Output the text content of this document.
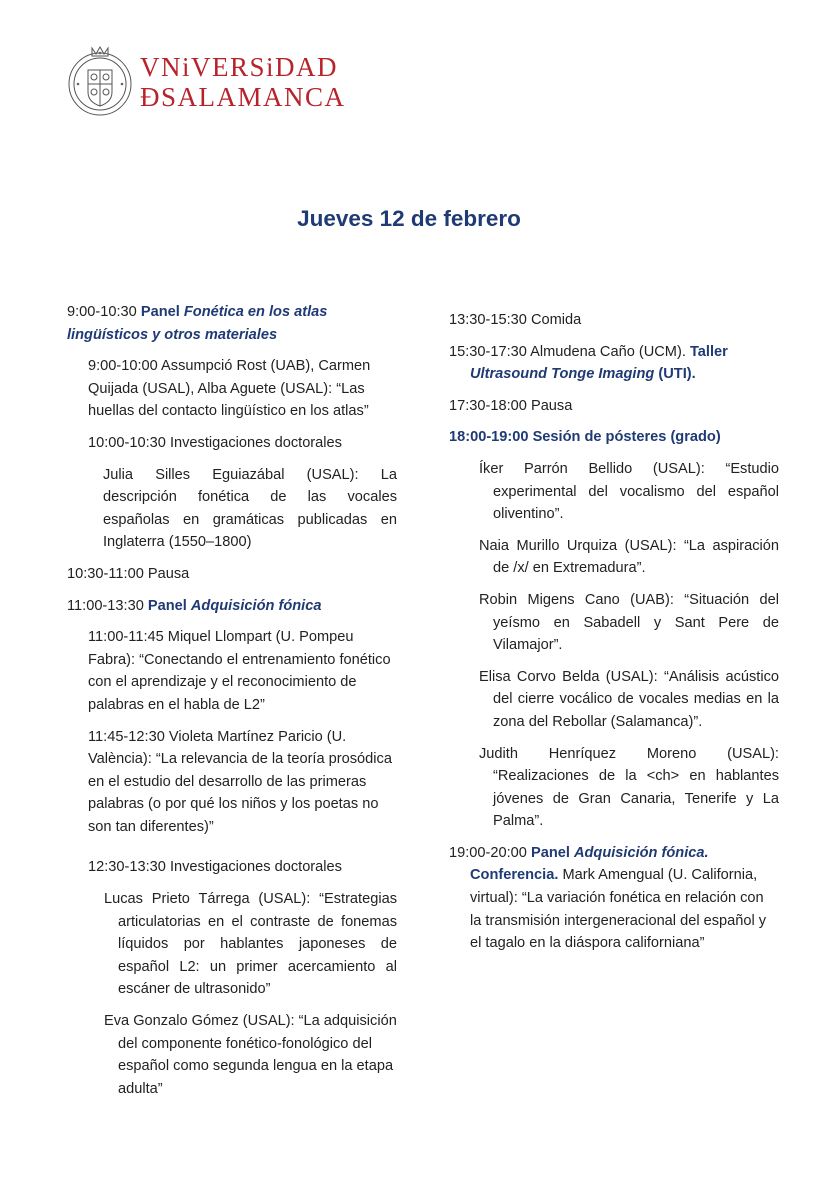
VNiVERSiDAD
ÐSALAMANCA
Jueves 12 de febrero

9:00-10:30 Panel Fonética en los atlas lingüísticos y otros materiales

9:00-10:00 Assumpció Rost (UAB), Carmen Quijada (USAL), Alba Aguete (USAL): “Las huellas del contacto lingüístico en los atlas”

10:00-10:30 Investigaciones doctorales

Julia Silles Eguiazábal (USAL): La descripción fonética de las vocales españolas en gramáticas publicadas en Inglaterra (1550–1800)

10:30-11:00 Pausa

11:00-13:30 Panel Adquisición fónica

11:00-11:45 Miquel Llompart (U. Pompeu Fabra): “Conectando el entrenamiento fonético con el aprendizaje y el reconocimiento de palabras en el habla de L2”

11:45-12:30 Violeta Martínez Paricio (U. València): “La relevancia de la teoría prosódica en el estudio del desarrollo de las primeras palabras (o por qué los niños y los poetas no son tan diferentes)”

12:30-13:30 Investigaciones doctorales

Lucas Prieto Tárrega (USAL): “Estrategias articulatorias en el contraste de fonemas líquidos por hablantes japoneses de español L2: un primer acercamiento al escáner de ultrasonido”

Eva Gonzalo Gómez (USAL): “La adquisición del componente fonético-fonológico del español como segunda lengua en la etapa adulta”

13:30-15:30 Comida

15:30-17:30 Almudena Caño (UCM). Taller Ultrasound Tonge Imaging (UTI).

17:30-18:00 Pausa

18:00-19:00 Sesión de pósteres (grado)

Íker Parrón Bellido (USAL): “Estudio experimental del vocalismo del español oliventino”.

Naia Murillo Urquiza (USAL): “La aspiración de /x/ en Extremadura”.

Robin Migens Cano (UAB): “Situación del yeísmo en Sabadell y Sant Pere de Vilamajor”.

Elisa Corvo Belda (USAL): “Análisis acústico del cierre vocálico de vocales medias en la zona del Rebollar (Salamanca)”.

Judith Henríquez Moreno (USAL): “Realizaciones de la <ch> en hablantes jóvenes de Gran Canaria, Tenerife y La Palma”.

19:00-20:00 Panel Adquisición fónica. Conferencia. Mark Amengual (U. California, virtual): “La variación fonética en relación con la transmisión intergeneracional del español y el tagalo en la diáspora californiana”
